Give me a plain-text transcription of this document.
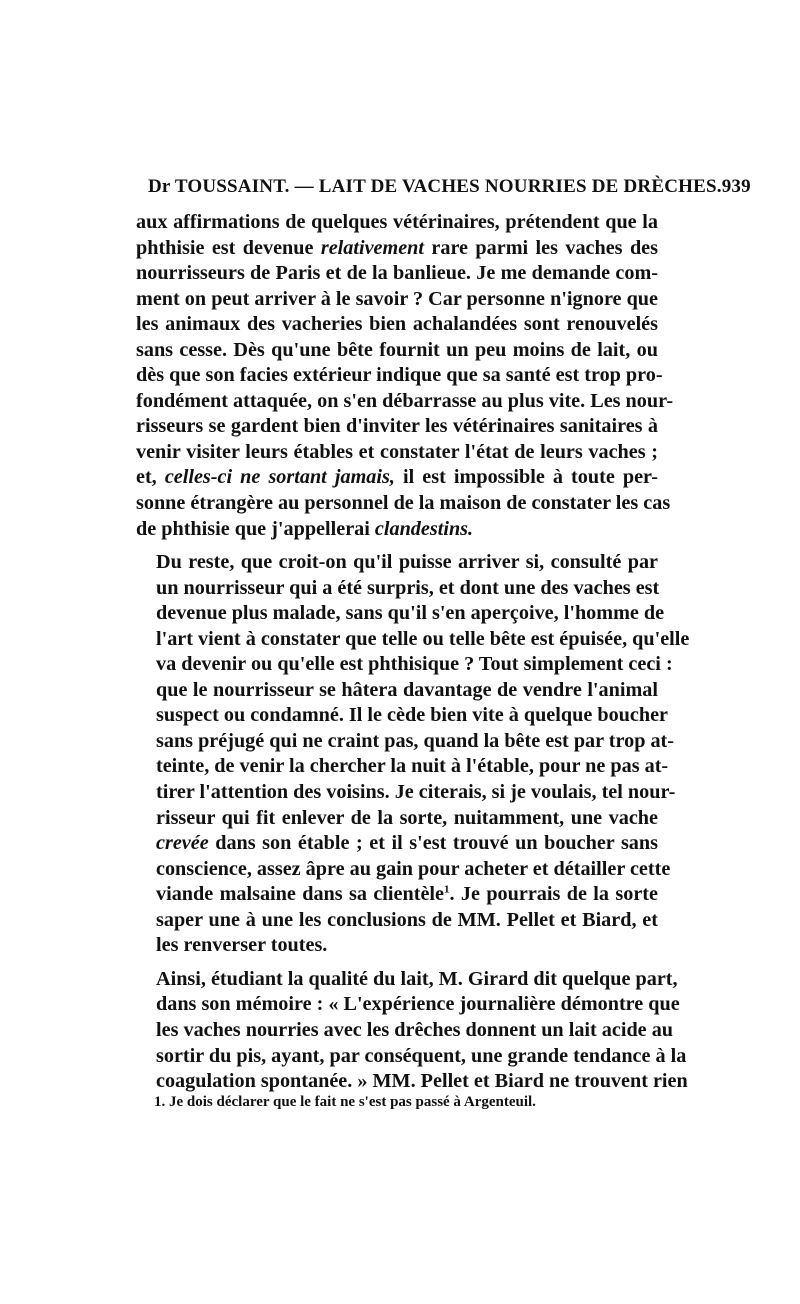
Dr TOUSSAINT. — LAIT DE VACHES NOURRIES DE DRÈCHES. 939

aux affirmations de quelques vétérinaires, prétendent que la
phthisie est devenue relativement rare parmi les vaches des
nourrisseurs de Paris et de la banlieue. Je me demande com-
ment on peut arriver à le savoir ? Car personne n'ignore que
les animaux des vacheries bien achalandées sont renouvelés
sans cesse. Dès qu'une bête fournit un peu moins de lait, ou
dès que son facies extérieur indique que sa santé est trop pro-
fondément attaquée, on s'en débarrasse au plus vite. Les nour-
risseurs se gardent bien d'inviter les vétérinaires sanitaires à
venir visiter leurs étables et constater l'état de leurs vaches ;
et, celles-ci ne sortant jamais, il est impossible à toute per-
sonne étrangère au personnel de la maison de constater les cas
de phthisie que j'appellerai clandestins.

Du reste, que croit-on qu'il puisse arriver si, consulté par
un nourrisseur qui a été surpris, et dont une des vaches est
devenue plus malade, sans qu'il s'en aperçoive, l'homme de
l'art vient à constater que telle ou telle bête est épuisée, qu'elle
va devenir ou qu'elle est phthisique ? Tout simplement ceci :
que le nourrisseur se hâtera davantage de vendre l'animal
suspect ou condamné. Il le cède bien vite à quelque boucher
sans préjugé qui ne craint pas, quand la bête est par trop at-
teinte, de venir la chercher la nuit à l'étable, pour ne pas at-
tirer l'attention des voisins. Je citerais, si je voulais, tel nour-
risseur qui fit enlever de la sorte, nuitamment, une vache
crevée dans son étable ; et il s'est trouvé un boucher sans
conscience, assez âpre au gain pour acheter et détailler cette
viande malsaine dans sa clientèle$^1$. Je pourrais de la sorte
saper une à une les conclusions de MM. Pellet et Biard, et
les renverser toutes.

Ainsi, étudiant la qualité du lait, M. Girard dit quelque part,
dans son mémoire : « L'expérience journalière démontre que
les vaches nourries avec les drêches donnent un lait acide au
sortir du pis, ayant, par conséquent, une grande tendance à la
coagulation spontanée. » MM. Pellet et Biard ne trouvent rien

1. Je dois déclarer que le fait ne s'est pas passé à Argenteuil.
